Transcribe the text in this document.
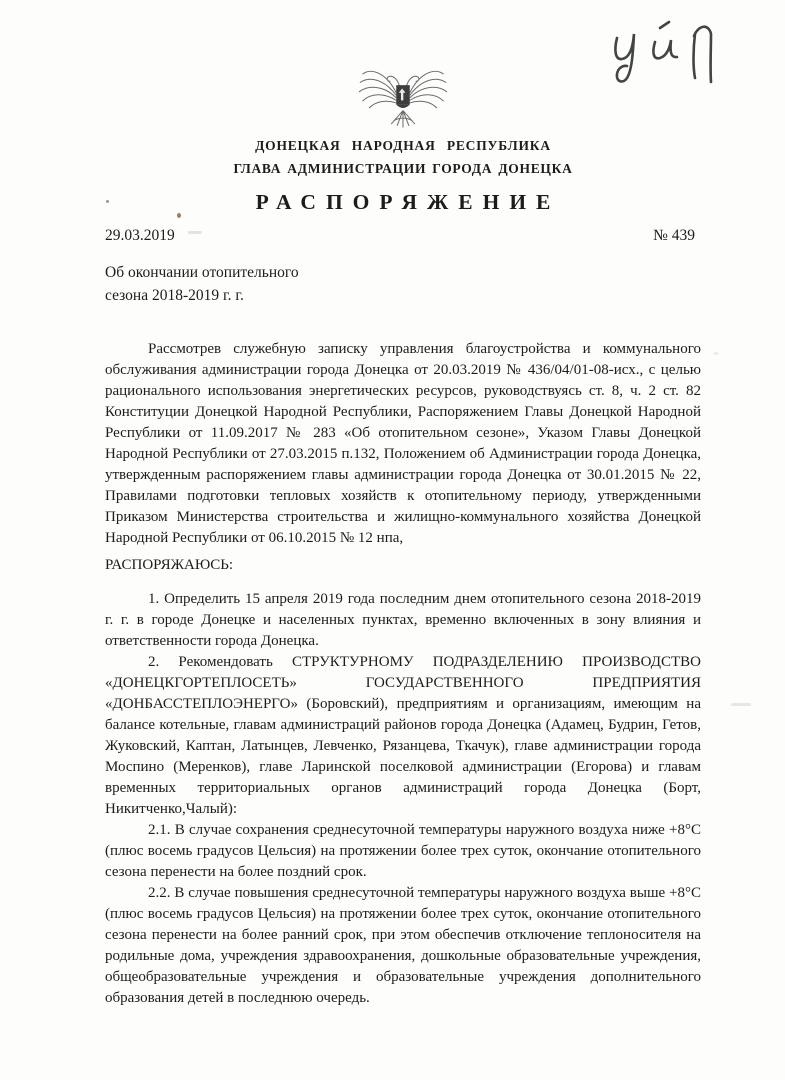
ДОНЕЦКАЯ НАРОДНАЯ РЕСПУБЛИКА
ГЛАВА АДМИНИСТРАЦИИ ГОРОДА ДОНЕЦКА
РАСПОРЯЖЕНИЕ
29.03.2019	№ 439
Об окончании отопительного
сезона 2018-2019 г. г.

Рассмотрев служебную записку управления благоустройства и коммунального обслуживания администрации города Донецка от 20.03.2019 № 436/04/01-08-исх., с целью рационального использования энергетических ресурсов, руководствуясь ст. 8, ч. 2 ст. 82 Конституции Донецкой Народной Республики, Распоряжением Главы Донецкой Народной Республики от 11.09.2017 № 283 «Об отопительном сезоне», Указом Главы Донецкой Народной Республики от 27.03.2015 п.132, Положением об Администрации города Донецка, утвержденным распоряжением главы администрации города Донецка от 30.01.2015 № 22, Правилами подготовки тепловых хозяйств к отопительному периоду, утвержденными Приказом Министерства строительства и жилищно-коммунального хозяйства Донецкой Народной Республики от 06.10.2015 № 12 нпа,

РАСПОРЯЖАЮСЬ:

1. Определить 15 апреля 2019 года последним днем отопительного сезона 2018-2019 г. г. в городе Донецке и населенных пунктах, временно включенных в зону влияния и ответственности города Донецка.

2. Рекомендовать СТРУКТУРНОМУ ПОДРАЗДЕЛЕНИЮ ПРОИЗВОДСТВО «ДОНЕЦКГОРТЕПЛОСЕТЬ» ГОСУДАРСТВЕННОГО ПРЕДПРИЯТИЯ «ДОНБАССТЕПЛОЭНЕРГО» (Боровский), предприятиям и организациям, имеющим на балансе котельные, главам администраций районов города Донецка (Адамец, Будрин, Гетов, Жуковский, Каптан, Латынцев, Левченко, Рязанцева, Ткачук), главе администрации города Моспино (Меренков), главе Ларинской поселковой администрации (Егорова) и главам временных территориальных органов администраций города Донецка (Борт, Никитченко,Чалый):

2.1. В случае сохранения среднесуточной температуры наружного воздуха ниже +8°С (плюс восемь градусов Цельсия) на протяжении более трех суток, окончание отопительного сезона перенести на более поздний срок.

2.2. В случае повышения среднесуточной температуры наружного воздуха выше +8°С (плюс восемь градусов Цельсия) на протяжении более трех суток, окончание отопительного сезона перенести на более ранний срок, при этом обеспечив отключение теплоносителя на родильные дома, учреждения здравоохранения, дошкольные образовательные учреждения, общеобразовательные учреждения и образовательные учреждения дополнительного образования детей в последнюю очередь.
